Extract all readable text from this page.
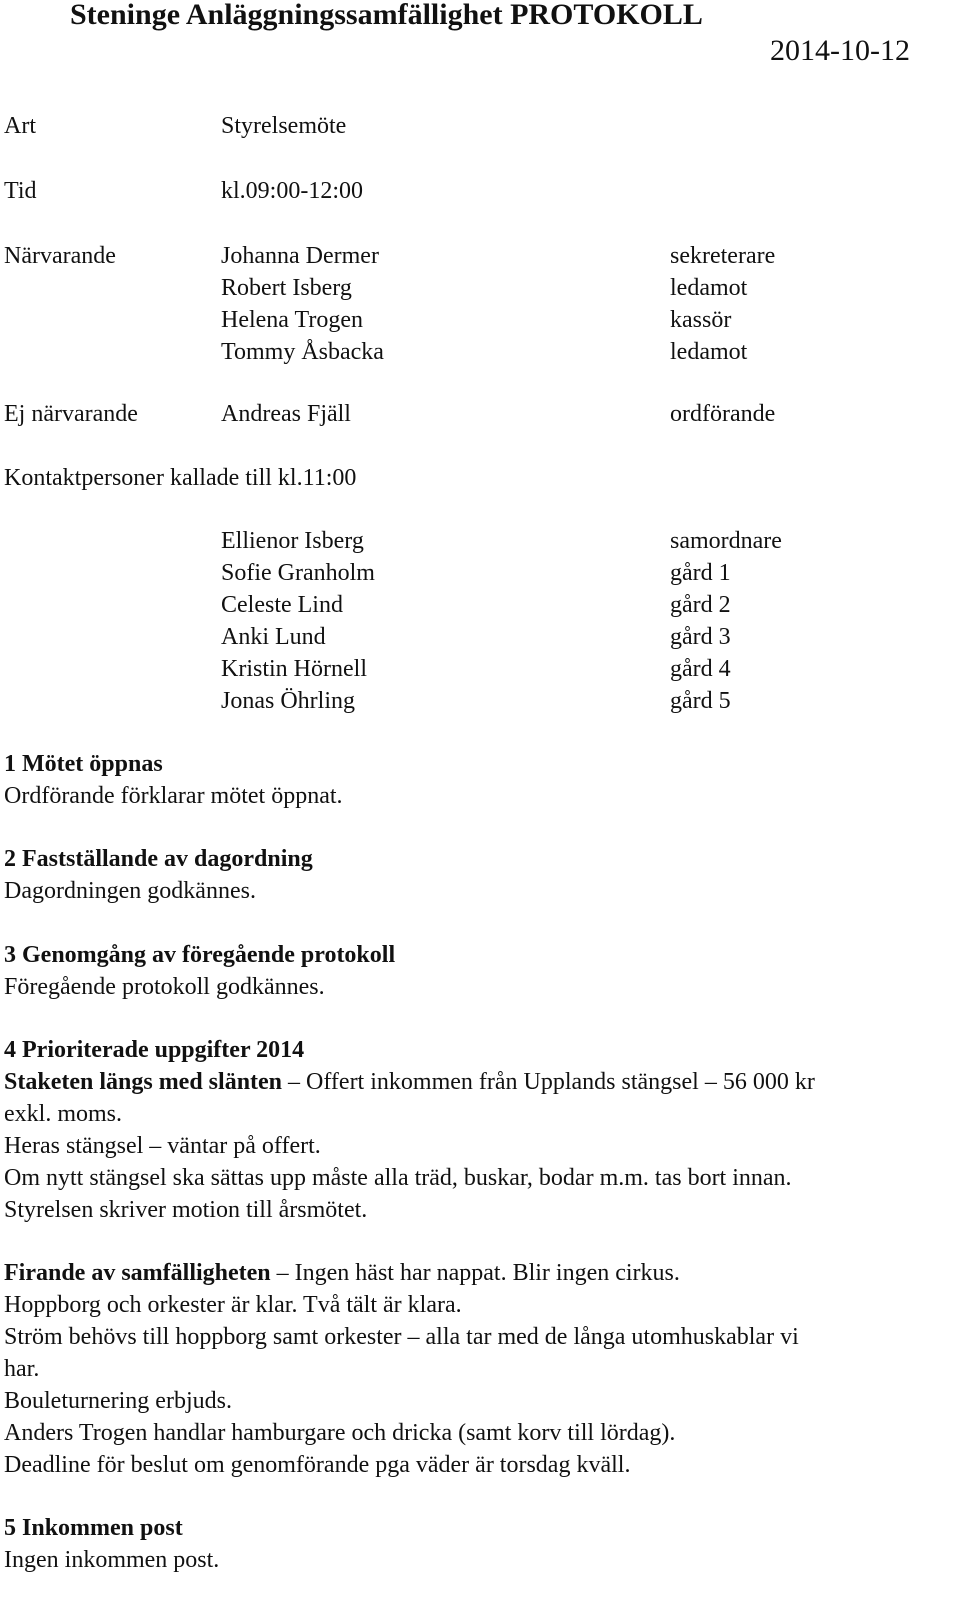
Steninge Anläggningssamfällighet PROTOKOLL
2014-10-12
Art	Styrelsemöte
Tid	kl.09:00-12:00
Närvarande	Johanna Dermer	sekreterare
Robert Isberg	ledamot
Helena Trogen	kassör
Tommy Åsbacka	ledamot
Ej närvarande	Andreas Fjäll	ordförande
Kontaktpersoner kallade till kl.11:00
Ellienor Isberg	samordnare
Sofie Granholm	gård 1
Celeste Lind	gård 2
Anki Lund	gård 3
Kristin Hörnell	gård 4
Jonas Öhrling	gård 5
1 Mötet öppnas
Ordförande förklarar mötet öppnat.
2 Fastställande av dagordning
Dagordningen godkännes.
3 Genomgång av föregående protokoll
Föregående protokoll godkännes.
4 Prioriterade uppgifter 2014
Staketen längs med slänten – Offert inkommen från Upplands stängsel – 56 000 kr
exkl. moms.
Heras stängsel – väntar på offert.
Om nytt stängsel ska sättas upp måste alla träd, buskar, bodar m.m. tas bort innan.
Styrelsen skriver motion till årsmötet.
Firande av samfälligheten – Ingen häst har nappat. Blir ingen cirkus.
Hoppborg och orkester är klar. Två tält är klara.
Ström behövs till hoppborg samt orkester – alla tar med de långa utomhuskablar vi
har.
Bouleturnering erbjuds.
Anders Trogen handlar hamburgare och dricka (samt korv till lördag).
Deadline för beslut om genomförande pga väder är torsdag kväll.
5 Inkommen post
Ingen inkommen post.
